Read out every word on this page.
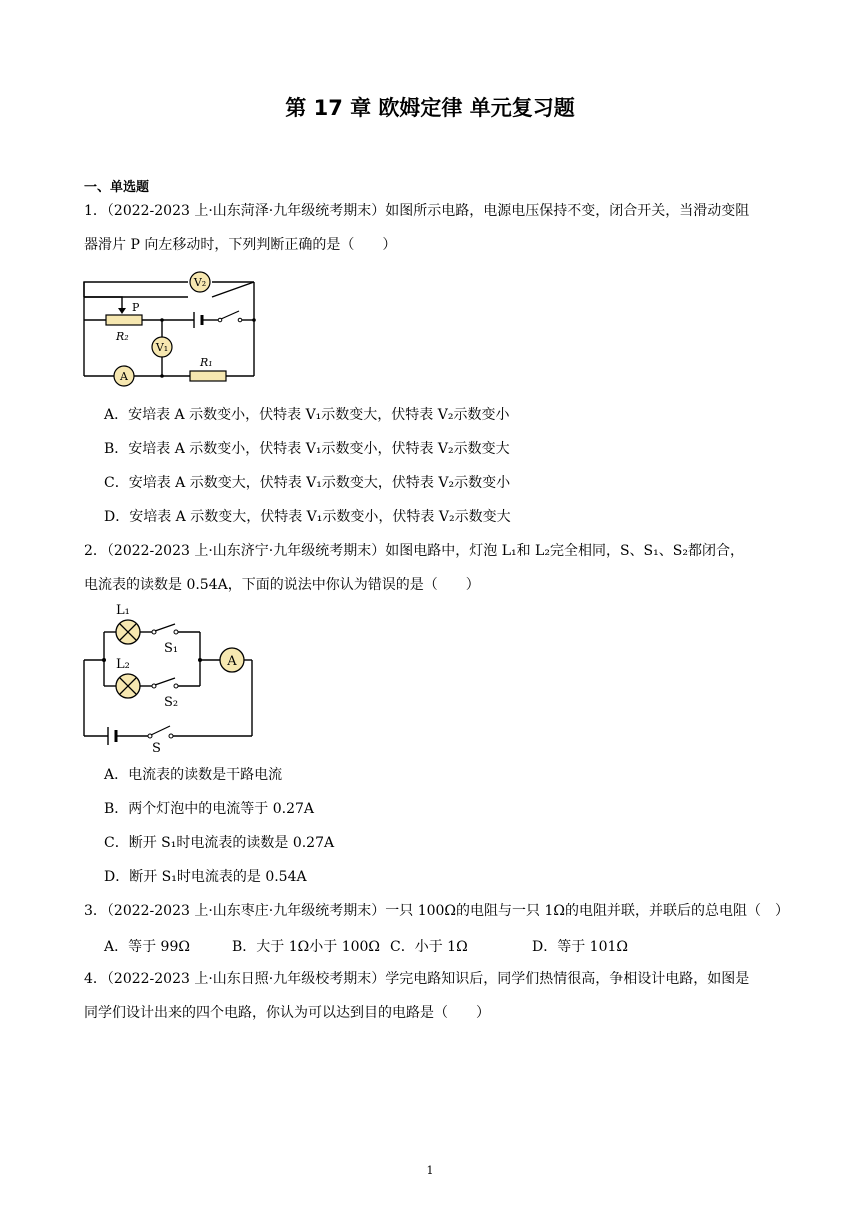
第 17 章 欧姆定律 单元复习题
一、单选题
1．（2022-2023 上·山东菏泽·九年级统考期末）如图所示电路，电源电压保持不变，闭合开关，当滑动变阻
器滑片 P 向左移动时，下列判断正确的是（　　）
V₂
V₁
A
P
R₂
R₁
A．安培表 A 示数变小，伏特表 V₁示数变大，伏特表 V₂示数变小
B．安培表 A 示数变小，伏特表 V₁示数变小，伏特表 V₂示数变大
C．安培表 A 示数变大，伏特表 V₁示数变大，伏特表 V₂示数变小
D．安培表 A 示数变大，伏特表 V₁示数变小，伏特表 V₂示数变大
2．（2022-2023 上·山东济宁·九年级统考期末）如图电路中，灯泡 L₁和 L₂完全相同，S、S₁、S₂都闭合，
电流表的读数是 0.54A，下面的说法中你认为错误的是（　　）
L₁
L₂
S₁
S₂
A
S
A．电流表的读数是干路电流
B．两个灯泡中的电流等于 0.27A
C．断开 S₁时电流表的读数是 0.27A
D．断开 S₁时电流表的是 0.54A
3．（2022-2023 上·山东枣庄·九年级统考期末）一只 100Ω的电阻与一只 1Ω的电阻并联，并联后的总电阻（　）
A．等于 99Ω	B．大于 1Ω小于 100Ω C．小于 1Ω	D．等于 101Ω
4．（2022-2023 上·山东日照·九年级校考期末）学完电路知识后，同学们热情很高，争相设计电路，如图是
同学们设计出来的四个电路，你认为可以达到目的电路是（　　）
1
